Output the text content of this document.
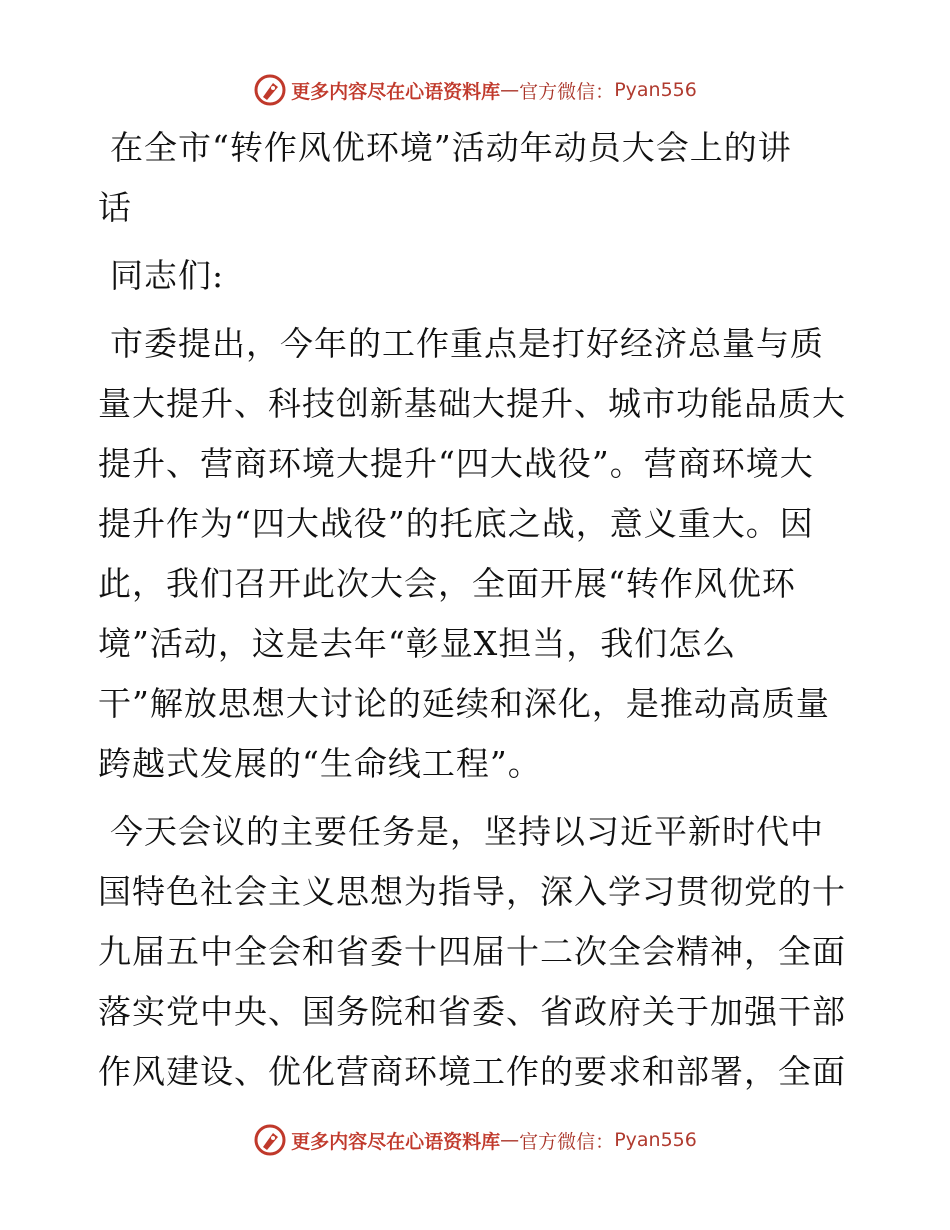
更多内容尽在心语资料库 — 官方微信： Pyan556

在全市“转作风优环境”活动年动员大会上的讲
话

同志们:

市委提出，今年的工作重点是打好经济总量与质
量大提升、科技创新基础大提升、城市功能品质大
提升、营商环境大提升“四大战役”。营商环境大
提升作为“四大战役”的托底之战，意义重大。因
此，我们召开此次大会，全面开展“转作风优环
境”活动，这是去年“彰显X担当，我们怎么
干”解放思想大讨论的延续和深化，是推动高质量
跨越式发展的“生命线工程”。

今天会议的主要任务是，坚持以习近平新时代中
国特色社会主义思想为指导，深入学习贯彻党的十
九届五中全会和省委十四届十二次全会精神，全面
落实党中央、国务院和省委、省政府关于加强干部
作风建设、优化营商环境工作的要求和部署，全面

更多内容尽在心语资料库 — 官方微信： Pyan556
